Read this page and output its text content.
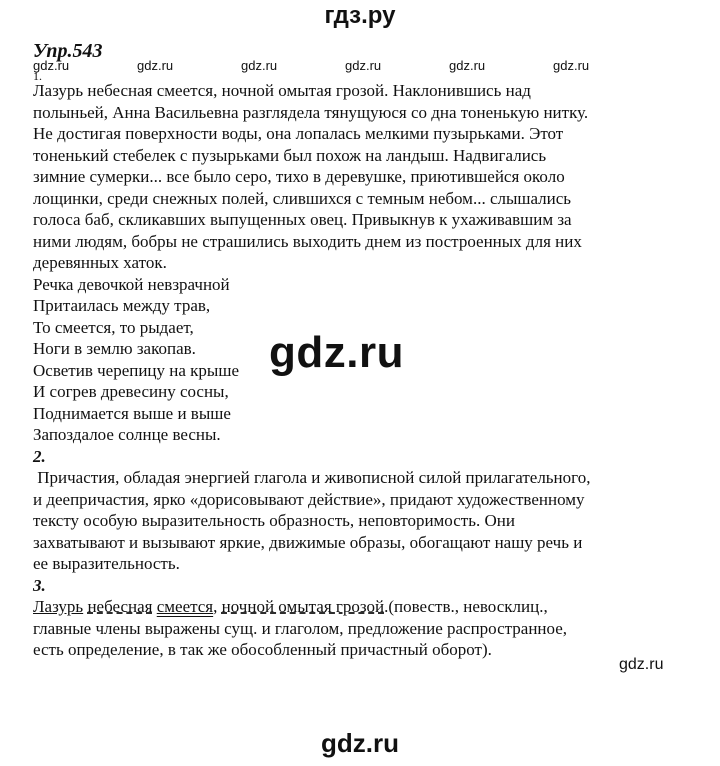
гдз.ру
Упр.543
gdz.ru	gdz.ru	gdz.ru	gdz.ru	gdz.ru	gdz.ru
1.
Лазурь небесная смеется, ночной омытая грозой. Наклонившись над
полыньей, Анна Васильевна разглядела тянущуюся со дна тоненькую нитку.
Не достигая поверхности воды, она лопалась мелкими пузырьками. Этот
тоненький стебелек с пузырьками был похож на ландыш. Надвигались
зимние сумерки... все было серо, тихо в деревушке, приютившейся около
лощинки, среди снежных полей, слившихся с темным небом... слышались
голоса баб, скликавших выпущенных овец. Привыкнув к ухаживавшим за
ними людям, бобры не страшились выходить днем из построенных для них
деревянных хаток.
Речка девочкой невзрачной
Притаилась между трав,
То смеется, то рыдает,
Ноги в землю закопав.
Осветив черепицу на крыше
И согрев древесину сосны,
Поднимается выше и выше
Запоздалое солнце весны.
2.
Причастия, обладая энергией глагола и живописной силой прилагательного,
и деепричастия, ярко «дорисовывают действие», придают художественному
тексту особую выразительность образность, неповторимость. Они
захватывают и вызывают яркие, движимые образы, обогащают нашу речь и
ее выразительность.
3.
Лазурь небесная смеется, ночной омытая грозой.(повеств., невосклиц.,
главные члены выражены сущ. и глаголом, предложение распространное,
есть определение, в так же обособленный причастный оборот).
gdz.ru
gdz.ru
gdz.ru
